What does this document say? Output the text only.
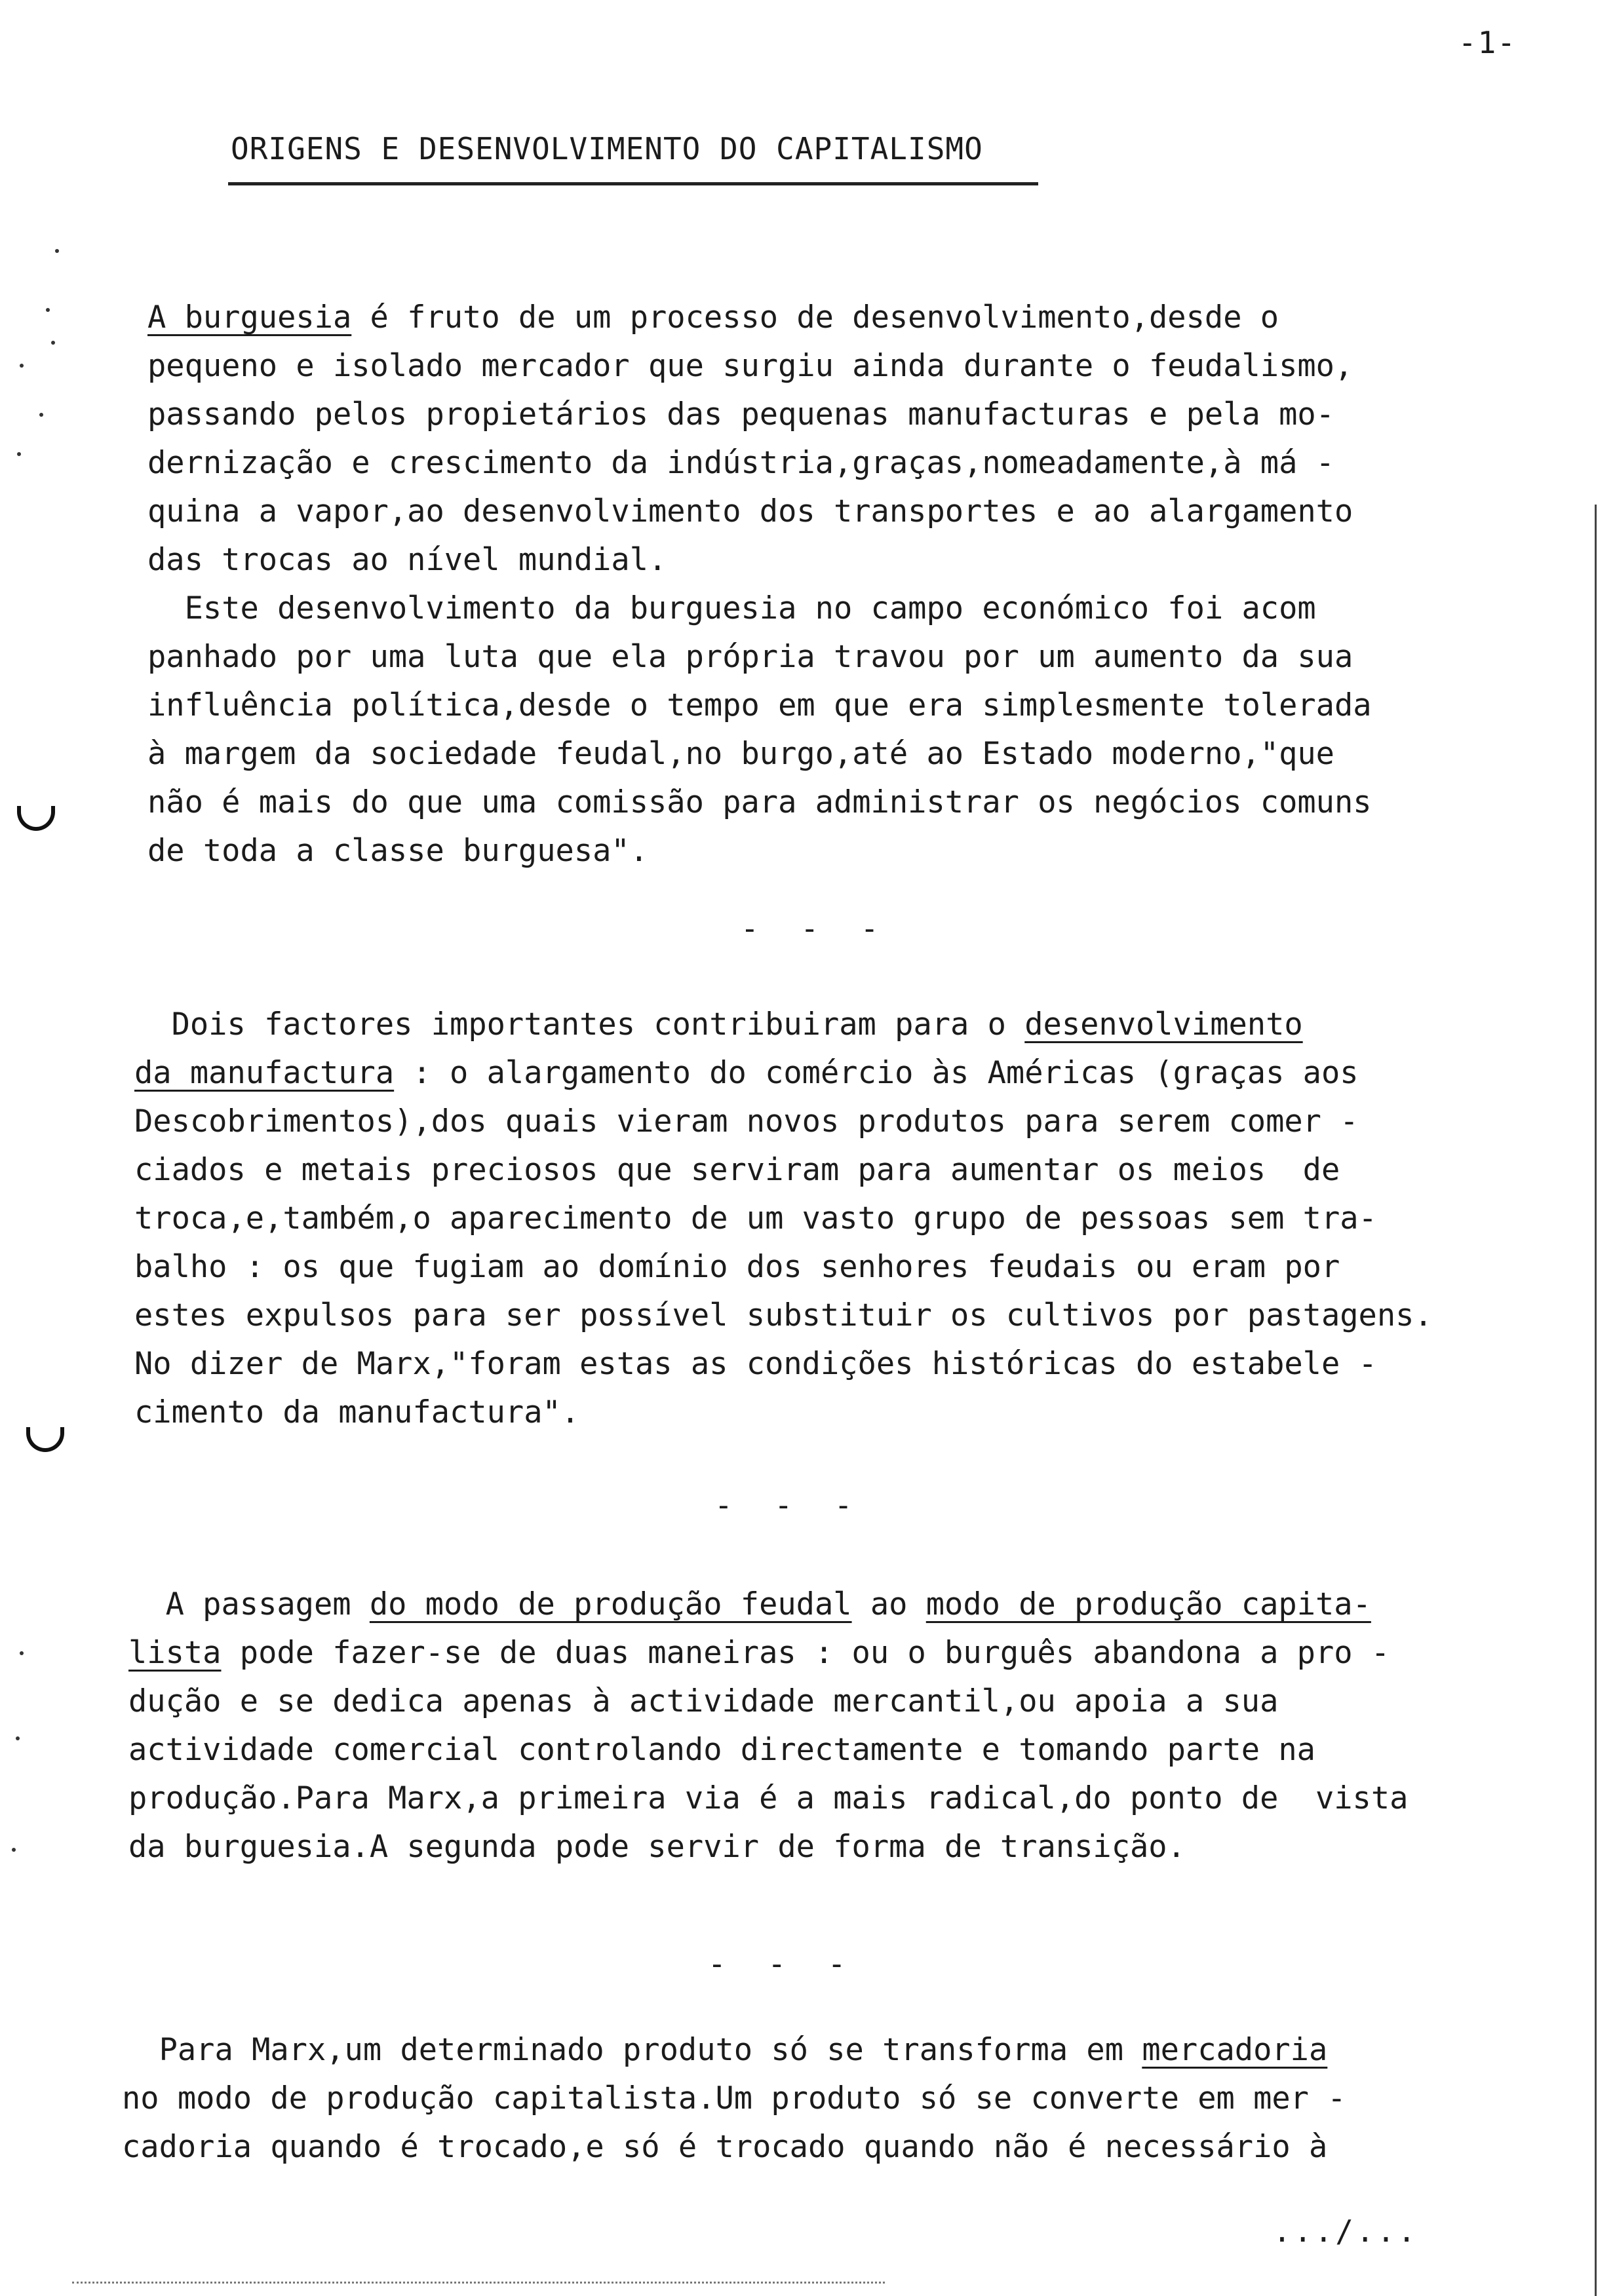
-1-
ORIGENS E DESENVOLVIMENTO DO CAPITALISMO
A burguesia é fruto de um processo de desenvolvimento,desde o
pequeno e isolado mercador que surgiu ainda durante o feudalismo,
passando pelos propietários das pequenas manufacturas e pela mo-
dernização e crescimento da indústria,graças,nomeadamente,à má -
quina a vapor,ao desenvolvimento dos transportes e ao alargamento
das trocas ao nível mundial.
Este desenvolvimento da burguesia no campo económico foi acom
panhado por uma luta que ela própria travou por um aumento da sua
influência política,desde o tempo em que era simplesmente tolerada
à margem da sociedade feudal,no burgo,até ao Estado moderno,"que
não é mais do que uma comissão para administrar os negócios comuns
de toda a classe burguesa".
- - -
Dois factores importantes contribuiram para o desenvolvimento
da manufactura : o alargamento do comércio às Américas (graças aos
Descobrimentos),dos quais vieram novos produtos para serem comer -
ciados e metais preciosos que serviram para aumentar os meios  de
troca,e,também,o aparecimento de um vasto grupo de pessoas sem tra-
balho : os que fugiam ao domínio dos senhores feudais ou eram por
estes expulsos para ser possível substituir os cultivos por pastagens.
No dizer de Marx,"foram estas as condições históricas do estabele -
cimento da manufactura".
- - -
A passagem do modo de produção feudal ao modo de produção capita-
lista pode fazer-se de duas maneiras : ou o burguês abandona a pro -
dução e se dedica apenas à actividade mercantil,ou apoia a sua
actividade comercial controlando directamente e tomando parte na
produção.Para Marx,a primeira via é a mais radical,do ponto de  vista
da burguesia.A segunda pode servir de forma de transição.
- - -
Para Marx,um determinado produto só se transforma em mercadoria
no modo de produção capitalista.Um produto só se converte em mer -
cadoria quando é trocado,e só é trocado quando não é necessário à
.../...
